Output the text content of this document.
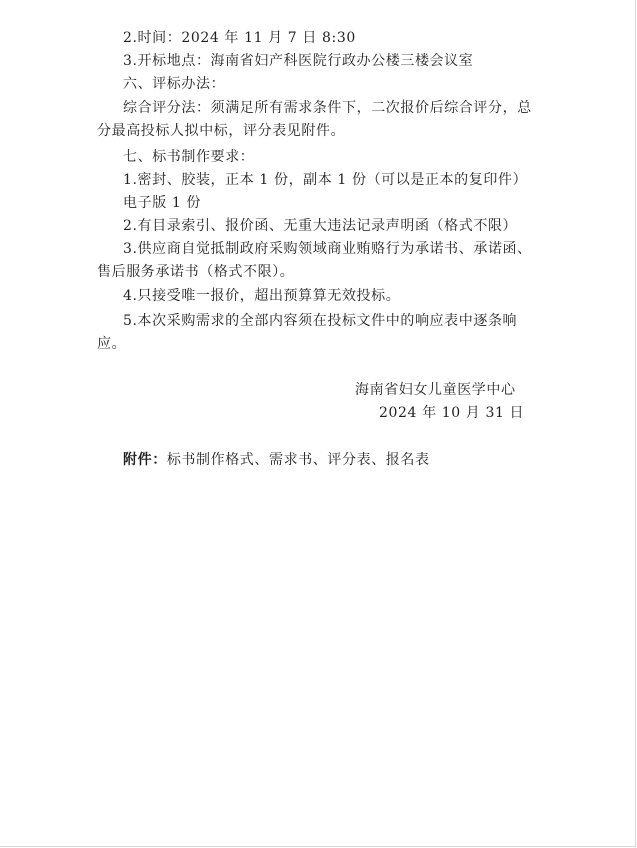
2.时间：2024 年 11 月 7 日 8:30
3.开标地点：海南省妇产科医院行政办公楼三楼会议室
六、评标办法：
综合评分法：须满足所有需求条件下，二次报价后综合评分，总
分最高投标人拟中标，评分表见附件。
七、标书制作要求：
1.密封、胶装，正本 1 份，副本 1 份（可以是正本的复印件）
电子版 1 份
2.有目录索引、报价函、无重大违法记录声明函（格式不限）
3.供应商自觉抵制政府采购领域商业贿赂行为承诺书、承诺函、
售后服务承诺书（格式不限）。
4.只接受唯一报价，超出预算算无效投标。
5.本次采购需求的全部内容须在投标文件中的响应表中逐条响
应。
海南省妇女儿童医学中心
2024 年 10 月 31 日
附件：标书制作格式、需求书、评分表、报名表
